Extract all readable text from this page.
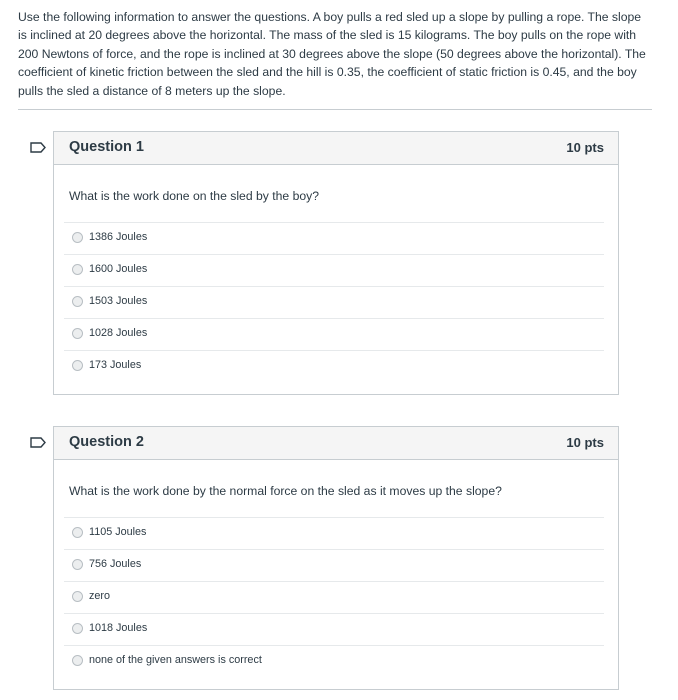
Use the following information to answer the questions. A boy pulls a red sled up a slope by pulling a rope. The slope is inclined at 20 degrees above the horizontal. The mass of the sled is 15 kilograms. The boy pulls on the rope with 200 Newtons of force, and the rope is inclined at 30 degrees above the slope (50 degrees above the horizontal). The coefficient of kinetic friction between the sled and the hill is 0.35, the coefficient of static friction is 0.45, and the boy pulls the sled a distance of 8 meters up the slope.
Question 1	10 pts
What is the work done on the sled by the boy?
1386 Joules
1600 Joules
1503 Joules
1028 Joules
173 Joules
Question 2	10 pts
What is the work done by the normal force on the sled as it moves up the slope?
1105 Joules
756 Joules
zero
1018 Joules
none of the given answers is correct
